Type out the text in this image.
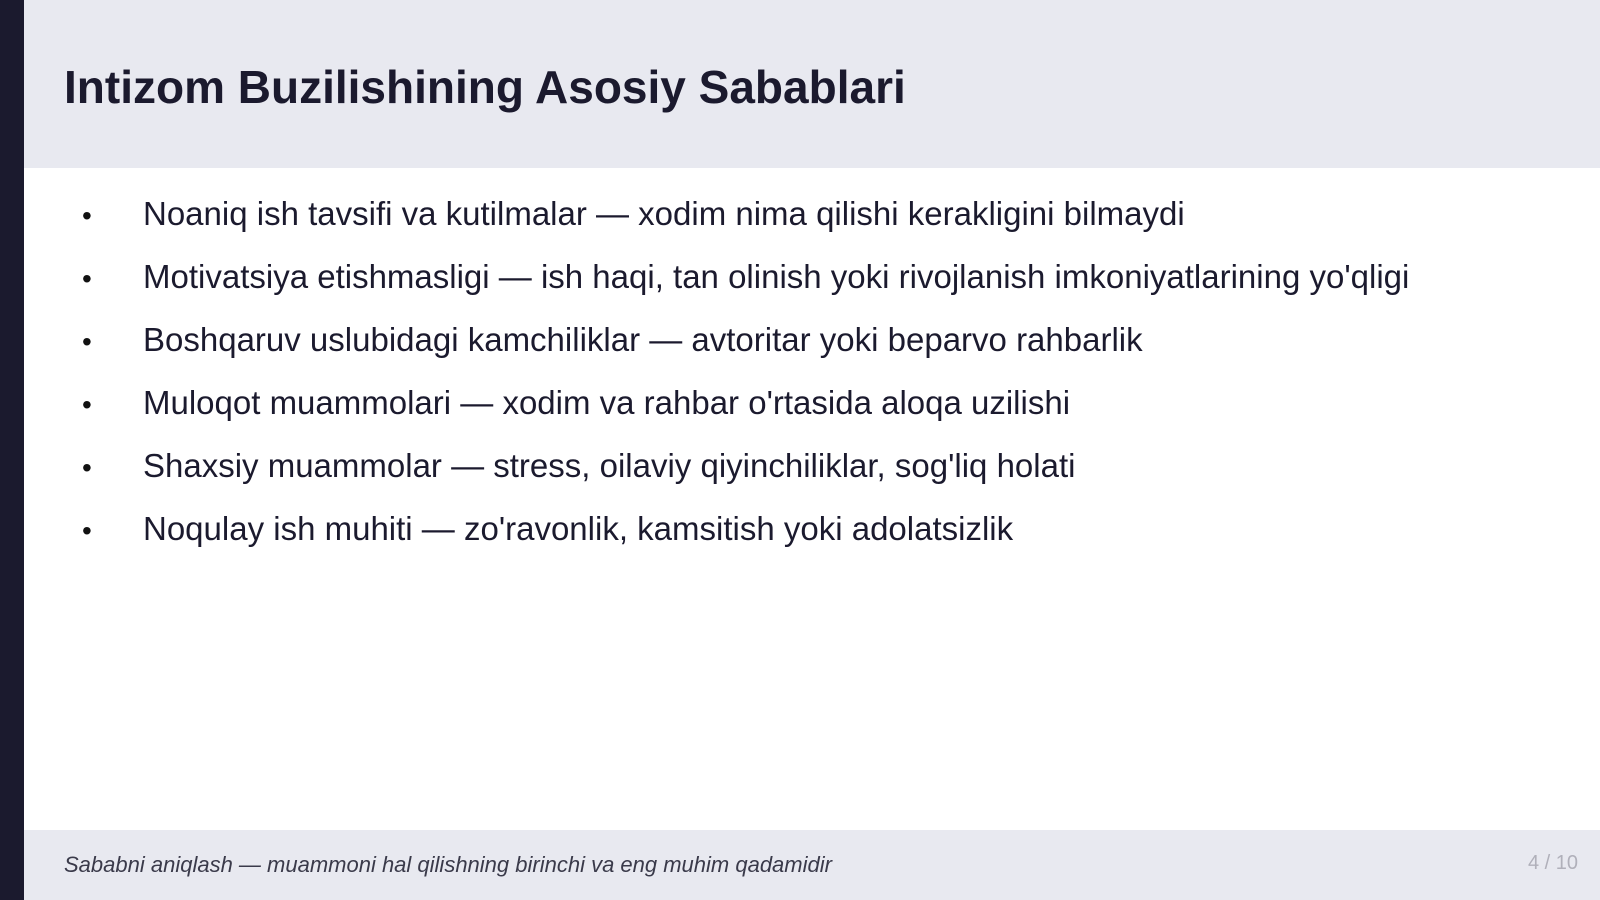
Intizom Buzilishining Asosiy Sabablari
• Noaniq ish tavsifi va kutilmalar — xodim nima qilishi kerakligini bilmaydi
• Motivatsiya etishmasligi — ish haqi, tan olinish yoki rivojlanish imkoniyatlarining yo'qligi
• Boshqaruv uslubidagi kamchiliklar — avtoritar yoki beparvo rahbarlik
• Muloqot muammolari — xodim va rahbar o'rtasida aloqa uzilishi
• Shaxsiy muammolar — stress, oilaviy qiyinchiliklar, sog'liq holati
• Noqulay ish muhiti — zo'ravonlik, kamsitish yoki adolatsizlik
Sababni aniqlash — muammoni hal qilishning birinchi va eng muhim qadamidir	4 / 10
